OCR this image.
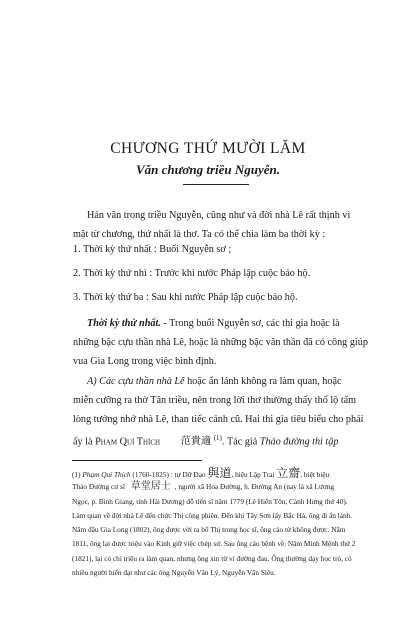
CHƯƠNG THỨ MƯỜI LĂM
Văn chương triều Nguyễn.
Hán văn trong triều Nguyễn, cũng như và đời nhà Lê rất thịnh vì
mặt từ chương, thứ nhất là thơ. Ta có thể chia làm ba thời kỳ :
1. Thời kỳ thứ nhất : Buổi Nguyễn sơ ;
2. Thời kỳ thứ nhì : Trước khi nước Pháp lập cuộc bảo hộ.
3. Thời kỳ thứ ba : Sau khi nước Pháp lập cuộc bảo hộ.
Thời kỳ thứ nhất. - Trong buổi Nguyễn sơ, các thi gia hoặc là
những bậc cựu thần nhà Lê, hoặc là những bậc văn thần đã có công giúp
vua Gia Long trong việc bình định.
A) Các cựu thần nhà Lê hoặc ẩn lánh không ra làm quan, hoặc
miễn cưỡng ra thờ Tân triều, nên trong lời thơ thường thấy thổ lộ tấm
lòng tưởng nhớ nhà Lê, than tiếc cảnh cũ. Hai thi gia tiêu biểu cho phái
ấy là Phạm Quí Thích 范貴適 $^{(1)}$. Tác giả Thảo đường thi tập
(1) Phạm Quí Thích (1760-1825) : tự Dữ Đạo 與道, hiệu Lập Trai 立齋, biệt hiệu
Thảo Đường cư sĩ 草堂居士 , người xã Hoa Đường, h. Đường An (nay là xã Lương
Ngọc, p. Bình Giang, tỉnh Hải Dương) đỗ tiến sĩ năm 1779 (Lê Hiển Tôn, Cảnh Hưng thứ 40).
Làm quan về đời nhà Lê đến chức Thị công phiên. Đến khi Tây Sơn lấy Bắc Hà, ông đi ẩn lánh.
Năm đầu Gia Long (1802), ông được vời ra bổ Thị trung học sĩ, ông cáo từ không được. Năm
1811, ông lại được triệu vào Kinh giữ việc chép sử. Sau ông cáo bệnh về. Năm Minh Mệnh thứ 2
(1821), lại có chỉ triệu ra làm quan, nhưng ông xin từ vì đường đau. Ông thường dạy học trò, có
nhiều người hiển đạt như các ông Nguyễn Văn Lý, Nguyễn Văn Siêu.
